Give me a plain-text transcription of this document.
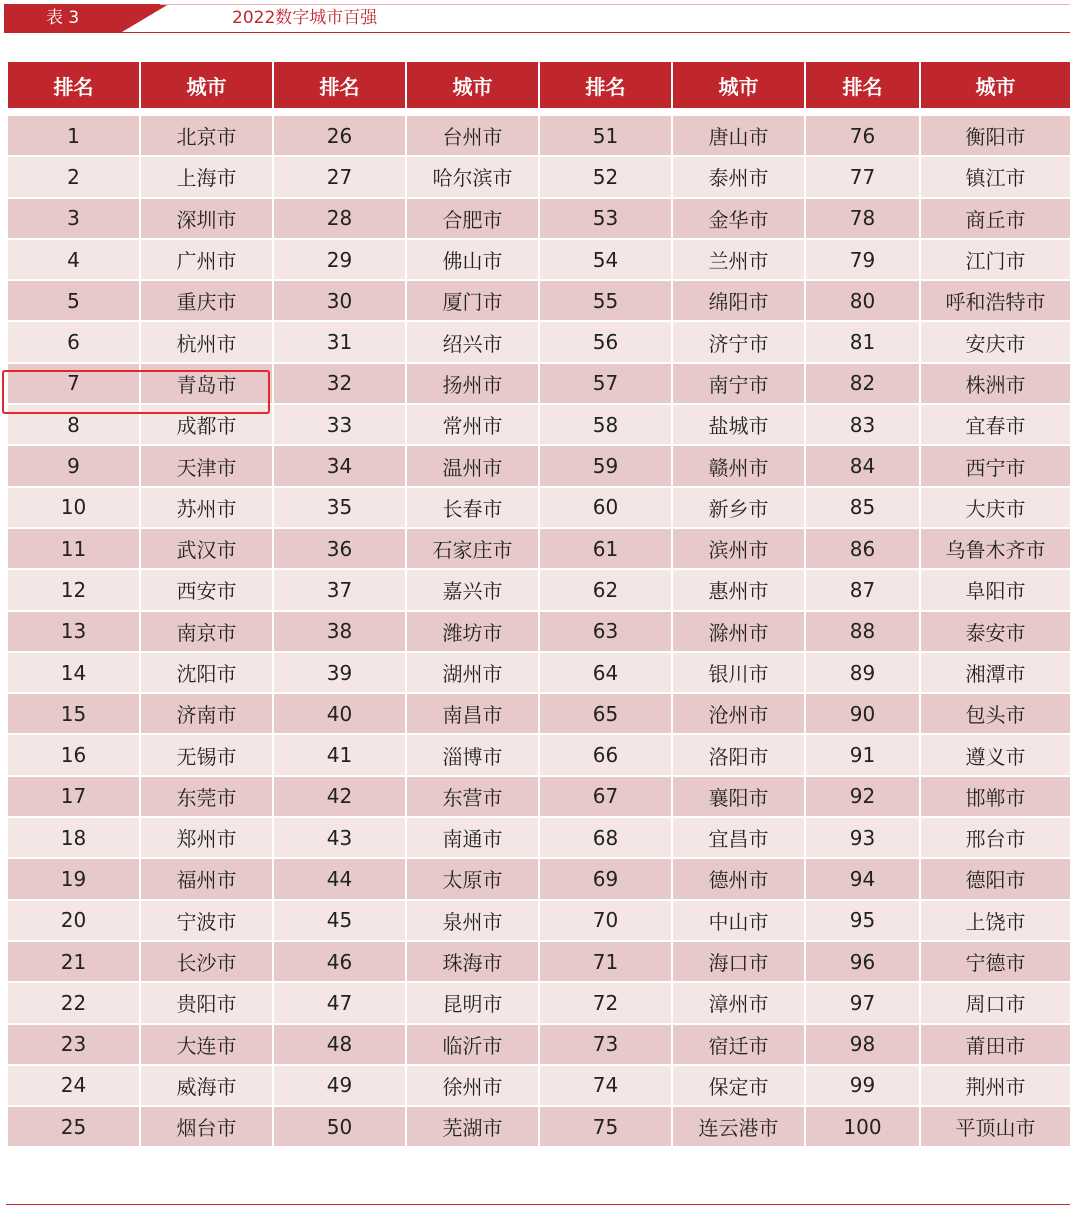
表 3	2022数字城市百强
排名	城市	排名	城市	排名	城市	排名	城市

1	北京市	26	台州市	51	唐山市	76	衡阳市
2	上海市	27	哈尔滨市	52	泰州市	77	镇江市
3	深圳市	28	合肥市	53	金华市	78	商丘市
4	广州市	29	佛山市	54	兰州市	79	江门市
5	重庆市	30	厦门市	55	绵阳市	80	呼和浩特市
6	杭州市	31	绍兴市	56	济宁市	81	安庆市
7	青岛市	32	扬州市	57	南宁市	82	株洲市
8	成都市	33	常州市	58	盐城市	83	宜春市
9	天津市	34	温州市	59	赣州市	84	西宁市
10	苏州市	35	长春市	60	新乡市	85	大庆市
11	武汉市	36	石家庄市	61	滨州市	86	乌鲁木齐市
12	西安市	37	嘉兴市	62	惠州市	87	阜阳市
13	南京市	38	潍坊市	63	滁州市	88	泰安市
14	沈阳市	39	湖州市	64	银川市	89	湘潭市
15	济南市	40	南昌市	65	沧州市	90	包头市
16	无锡市	41	淄博市	66	洛阳市	91	遵义市
17	东莞市	42	东营市	67	襄阳市	92	邯郸市
18	郑州市	43	南通市	68	宜昌市	93	邢台市
19	福州市	44	太原市	69	德州市	94	德阳市
20	宁波市	45	泉州市	70	中山市	95	上饶市
21	长沙市	46	珠海市	71	海口市	96	宁德市
22	贵阳市	47	昆明市	72	漳州市	97	周口市
23	大连市	48	临沂市	73	宿迁市	98	莆田市
24	威海市	49	徐州市	74	保定市	99	荆州市
25	烟台市	50	芜湖市	75	连云港市	100	平顶山市
